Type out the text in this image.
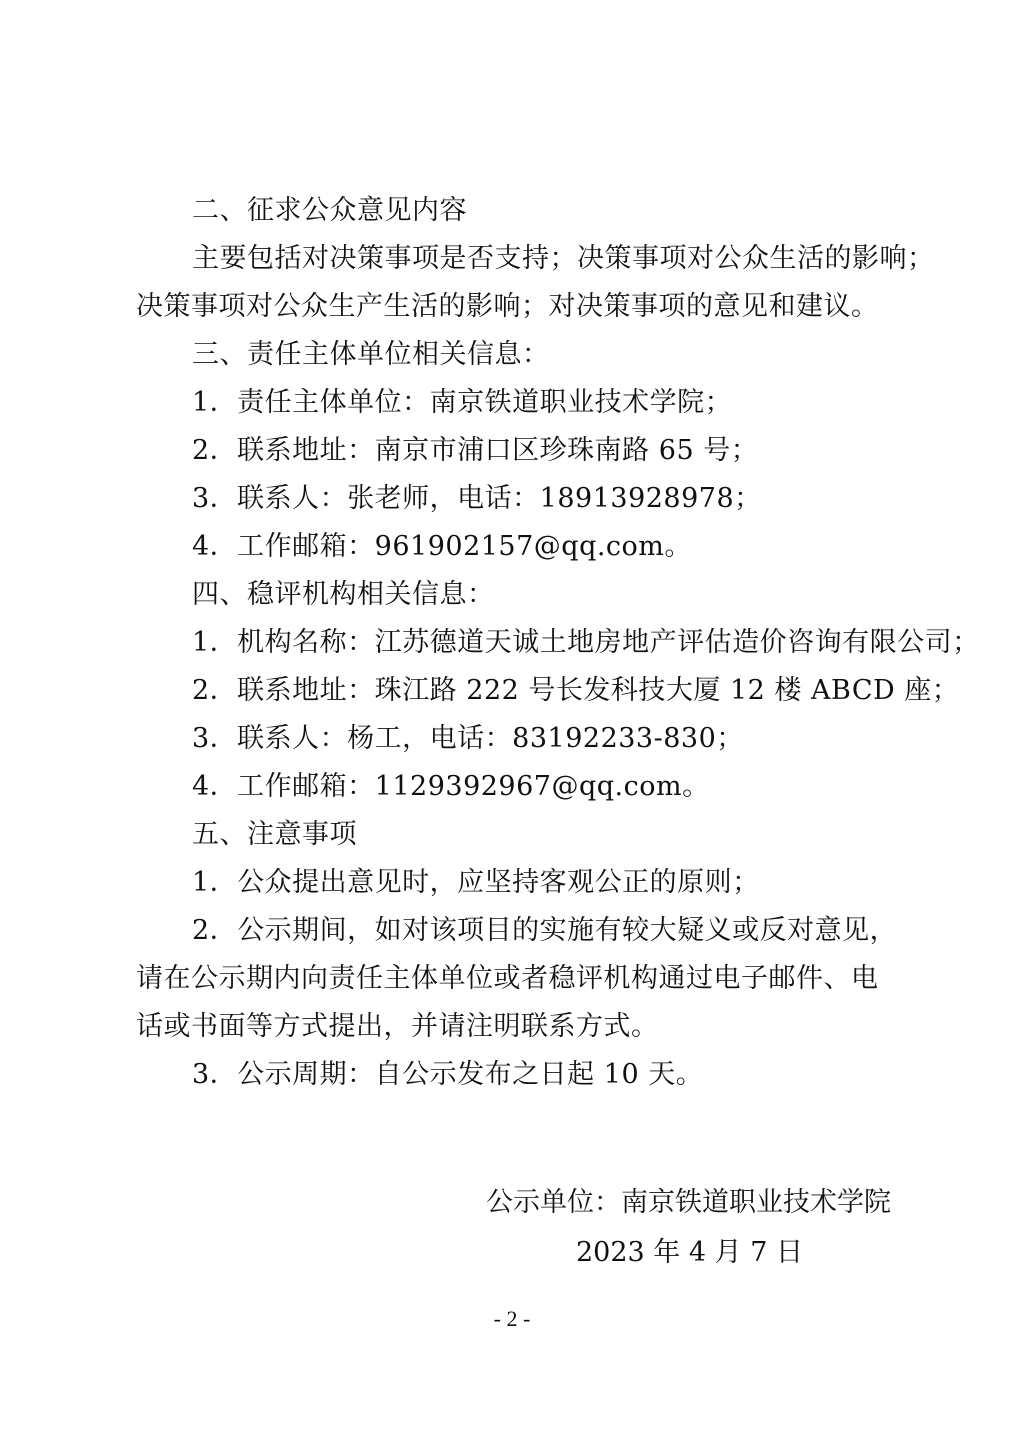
二、征求公众意见内容
主要包括对决策事项是否支持；决策事项对公众生活的影响；
决策事项对公众生产生活的影响；对决策事项的意见和建议。
三、责任主体单位相关信息：
1．责任主体单位：南京铁道职业技术学院；
2．联系地址：南京市浦口区珍珠南路 65 号；
3．联系人：张老师，电话：18913928978；
4．工作邮箱：961902157@qq.com。
四、稳评机构相关信息：
1．机构名称：江苏德道天诚土地房地产评估造价咨询有限公司；
2．联系地址：珠江路 222 号长发科技大厦 12 楼 ABCD 座；
3．联系人：杨工，电话：83192233-830；
4．工作邮箱：1129392967@qq.com。
五、注意事项
1．公众提出意见时，应坚持客观公正的原则；
2．公示期间，如对该项目的实施有较大疑义或反对意见，
请在公示期内向责任主体单位或者稳评机构通过电子邮件、电
话或书面等方式提出，并请注明联系方式。
3．公示周期：自公示发布之日起 10 天。
公示单位：南京铁道职业技术学院
2023 年 4 月 7 日
- 2 -
